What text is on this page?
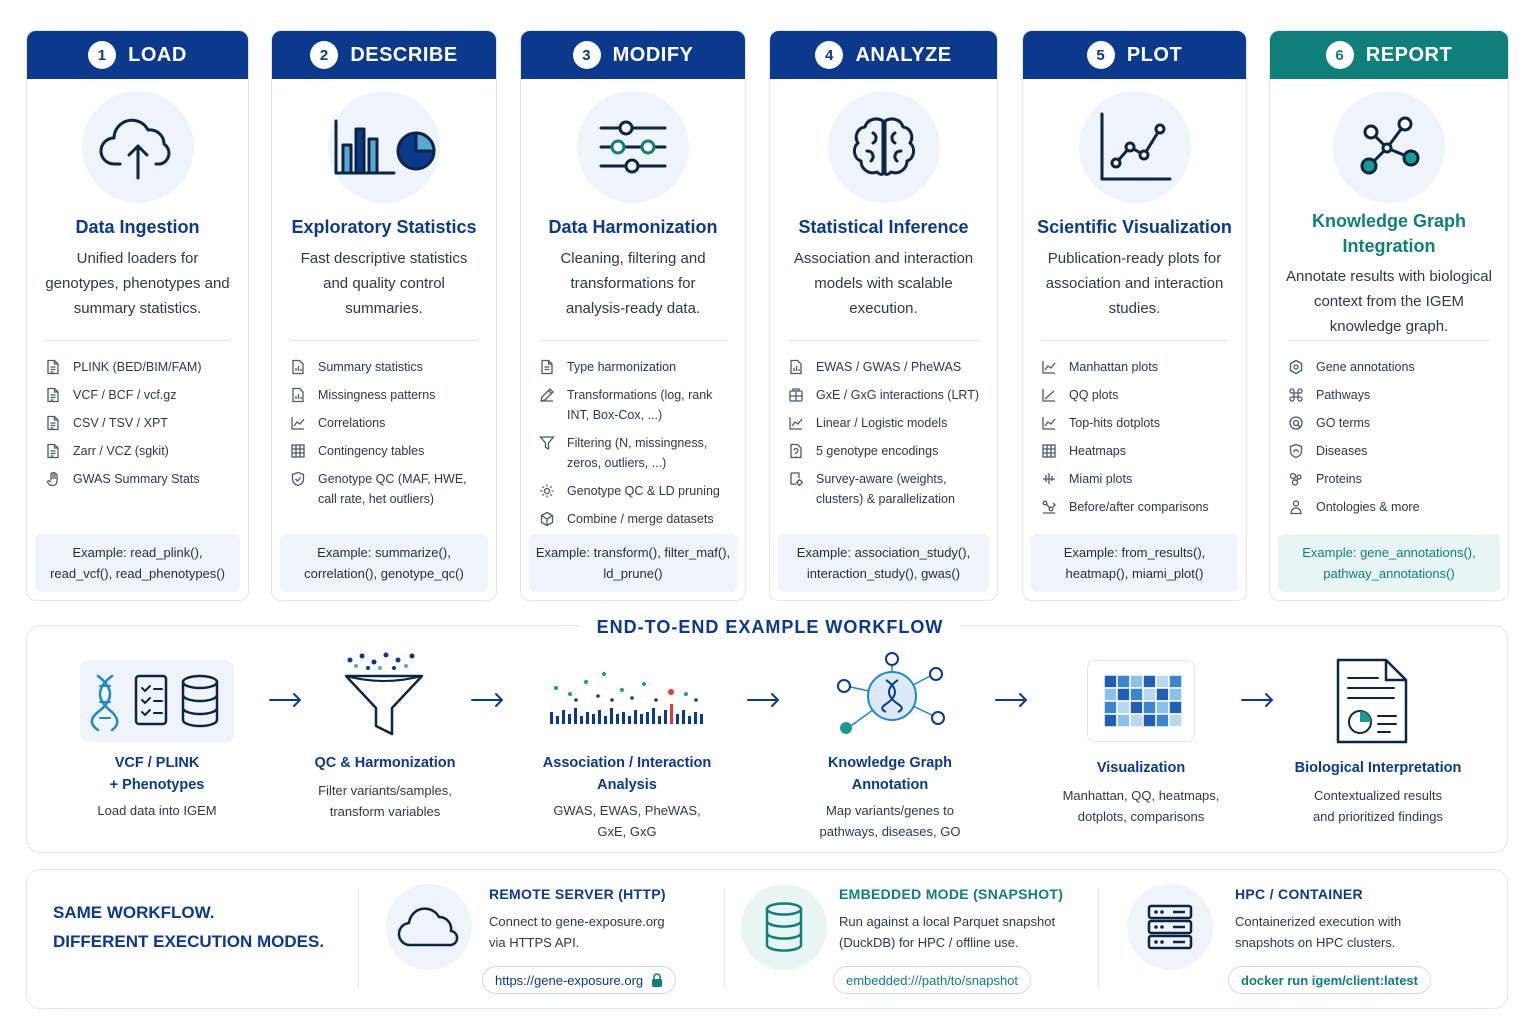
1	LOAD
Data Ingestion
Unified loaders for genotypes, phenotypes and summary statistics.
PLINK (BED/BIM/FAM)
VCF / BCF / vcf.gz
CSV / TSV / XPT
Zarr / VCZ (sgkit)
GWAS Summary Stats
Example: read_plink(), read_vcf(), read_phenotypes()
2	DESCRIBE
Exploratory Statistics
Fast descriptive statistics and quality control summaries.
Summary statistics
Missingness patterns
Correlations
Contingency tables
Genotype QC (MAF, HWE, call rate, het outliers)
Example: summarize(), correlation(), genotype_qc()
3	MODIFY
Data Harmonization
Cleaning, filtering and transformations for analysis-ready data.
Type harmonization
Transformations (log, rank INT, Box-Cox, ...)
Filtering (N, missingness, zeros, outliers, ...)
Genotype QC & LD pruning
Combine / merge datasets
Example: transform(), filter_maf(), ld_prune()
4	ANALYZE
Statistical Inference
Association and interaction models with scalable execution.
EWAS / GWAS / PheWAS
GxE / GxG interactions (LRT)
Linear / Logistic models
5 genotype encodings
Survey-aware (weights, clusters) & parallelization
Example: association_study(), interaction_study(), gwas()
5	PLOT
Scientific Visualization
Publication-ready plots for association and interaction studies.
Manhattan plots
QQ plots
Top-hits dotplots
Heatmaps
Miami plots
Before/after comparisons
Example: from_results(), heatmap(), miami_plot()
6	REPORT
Knowledge Graph Integration
Annotate results with biological context from the IGEM knowledge graph.
Gene annotations
Pathways
GO terms
Diseases
Proteins
Ontologies & more
Example: gene_annotations(), pathway_annotations()
END-TO-END EXAMPLE WORKFLOW
VCF / PLINK
+ Phenotypes
Load data into IGEM
QC & Harmonization
Filter variants/samples,
transform variables
Association / Interaction
Analysis
GWAS, EWAS, PheWAS,
GxE, GxG
Knowledge Graph
Annotation
Map variants/genes to
pathways, diseases, GO
Visualization
Manhattan, QQ, heatmaps,
dotplots, comparisons
Biological Interpretation
Contextualized results
and prioritized findings
SAME WORKFLOW.
DIFFERENT EXECUTION MODES.
REMOTE SERVER (HTTP)
Connect to gene-exposure.org
via HTTPS API.
https://gene-exposure.org
EMBEDDED MODE (SNAPSHOT)
Run against a local Parquet snapshot
(DuckDB) for HPC / offline use.
embedded:///path/to/snapshot
HPC / CONTAINER
Containerized execution with
snapshots on HPC clusters.
docker run igem/client:latest
